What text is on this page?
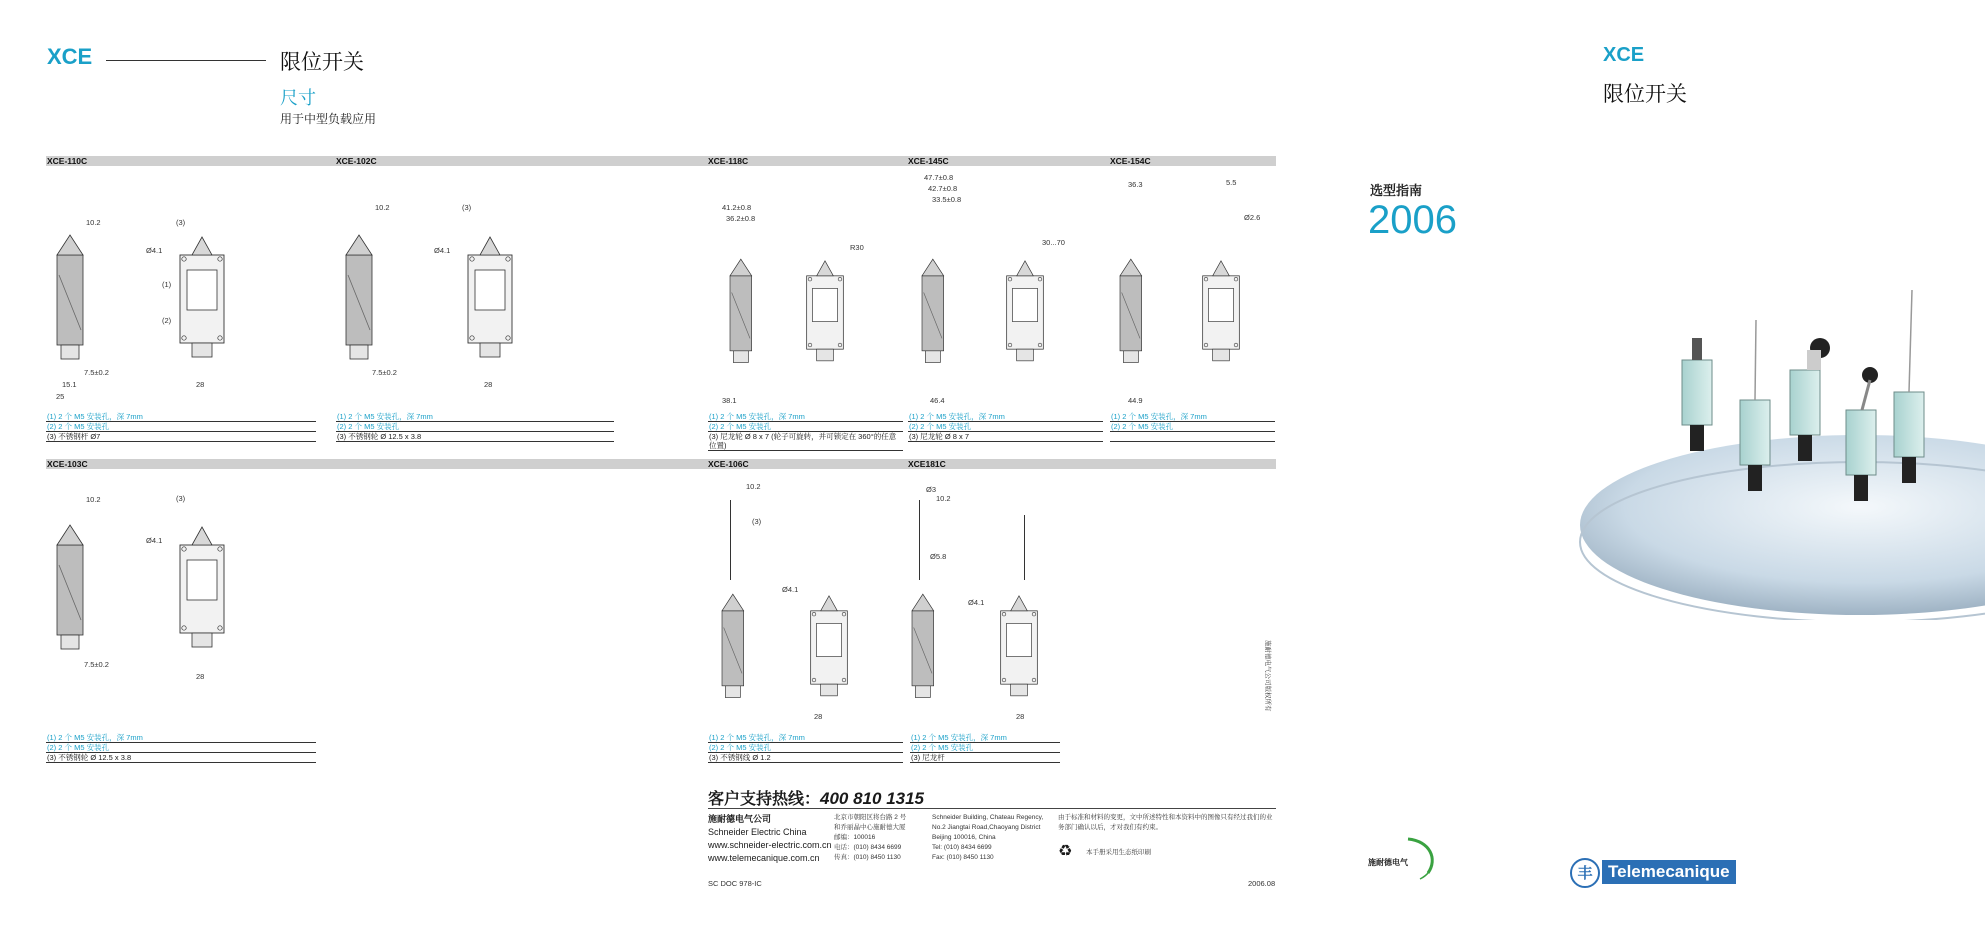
XCE	限位开关
尺寸
用于中型负载应用
XCE-110C	XCE-102C	XCE-118C	XCE-145C	XCE-154C
XCE-103C	XCE-106C	XCE181C
10.2	(3)
Ø4.1
(1)
(2)
7.5±0.2
15.1
25
28
10.2	(3)
Ø4.1
7.5±0.2
28
41.2±0.8
36.2±0.8
R30
38.1
47.7±0.8
42.7±0.8
33.5±0.8
30...70
46.4
36.3	5.5
Ø2.6
44.9
(1) 2 个 M5 安装孔，深 7mm
(2) 2 个 M5 安装孔
(3) 不锈钢杆 Ø7
(1) 2 个 M5 安装孔，深 7mm
(2) 2 个 M5 安装孔
(3) 不锈钢轮 Ø 12.5 x 3.8
(1) 2 个 M5 安装孔，深 7mm
(2) 2 个 M5 安装孔
(3) 尼龙轮 Ø 8 x 7 (轮子可旋转，并可锁定在 360°的任意位置)
(1) 2 个 M5 安装孔，深 7mm
(2) 2 个 M5 安装孔
(3) 尼龙轮 Ø 8 x 7
(1) 2 个 M5 安装孔，深 7mm
(2) 2 个 M5 安装孔

10.2	(3)
Ø4.1
7.5±0.2
28
10.2
(3)
Ø4.1
28
Ø3
10.2
Ø5.8
Ø4.1
28
(1) 2 个 M5 安装孔，深 7mm
(2) 2 个 M5 安装孔
(3) 不锈钢轮 Ø 12.5 x 3.8
(1) 2 个 M5 安装孔，深 7mm
(2) 2 个 M5 安装孔
(3) 不锈钢线 Ø 1.2
(1) 2 个 M5 安装孔，深 7mm
(2) 2 个 M5 安装孔
(3) 尼龙杆
客户支持热线：400 810 1315
施耐德电气公司
Schneider Electric China
www.schneider-electric.com.cn
www.telemecanique.com.cn
北京市朝阳区将台路 2 号
和乔丽晶中心施耐德大厦
邮编：100016
电话：(010) 8434 6699
传真：(010) 8450 1130
Schneider Building, Chateau Regency,
No.2 Jiangtai Road,Chaoyang District
Beijing 100016, China
Tel: (010) 8434 6699
Fax: (010) 8450 1130
由于标准和材料的变更，文中所述特性和本资料中的图像只有经过我们的业
务部门确认以后，才对我们有约束。
♻ 本手册采用生态纸印刷
SC DOC 978-IC	2006.08
施耐德电气公司版权所有
XCE
限位开关
选型指南
2006
施耐德电气
丰 Telemecanique
